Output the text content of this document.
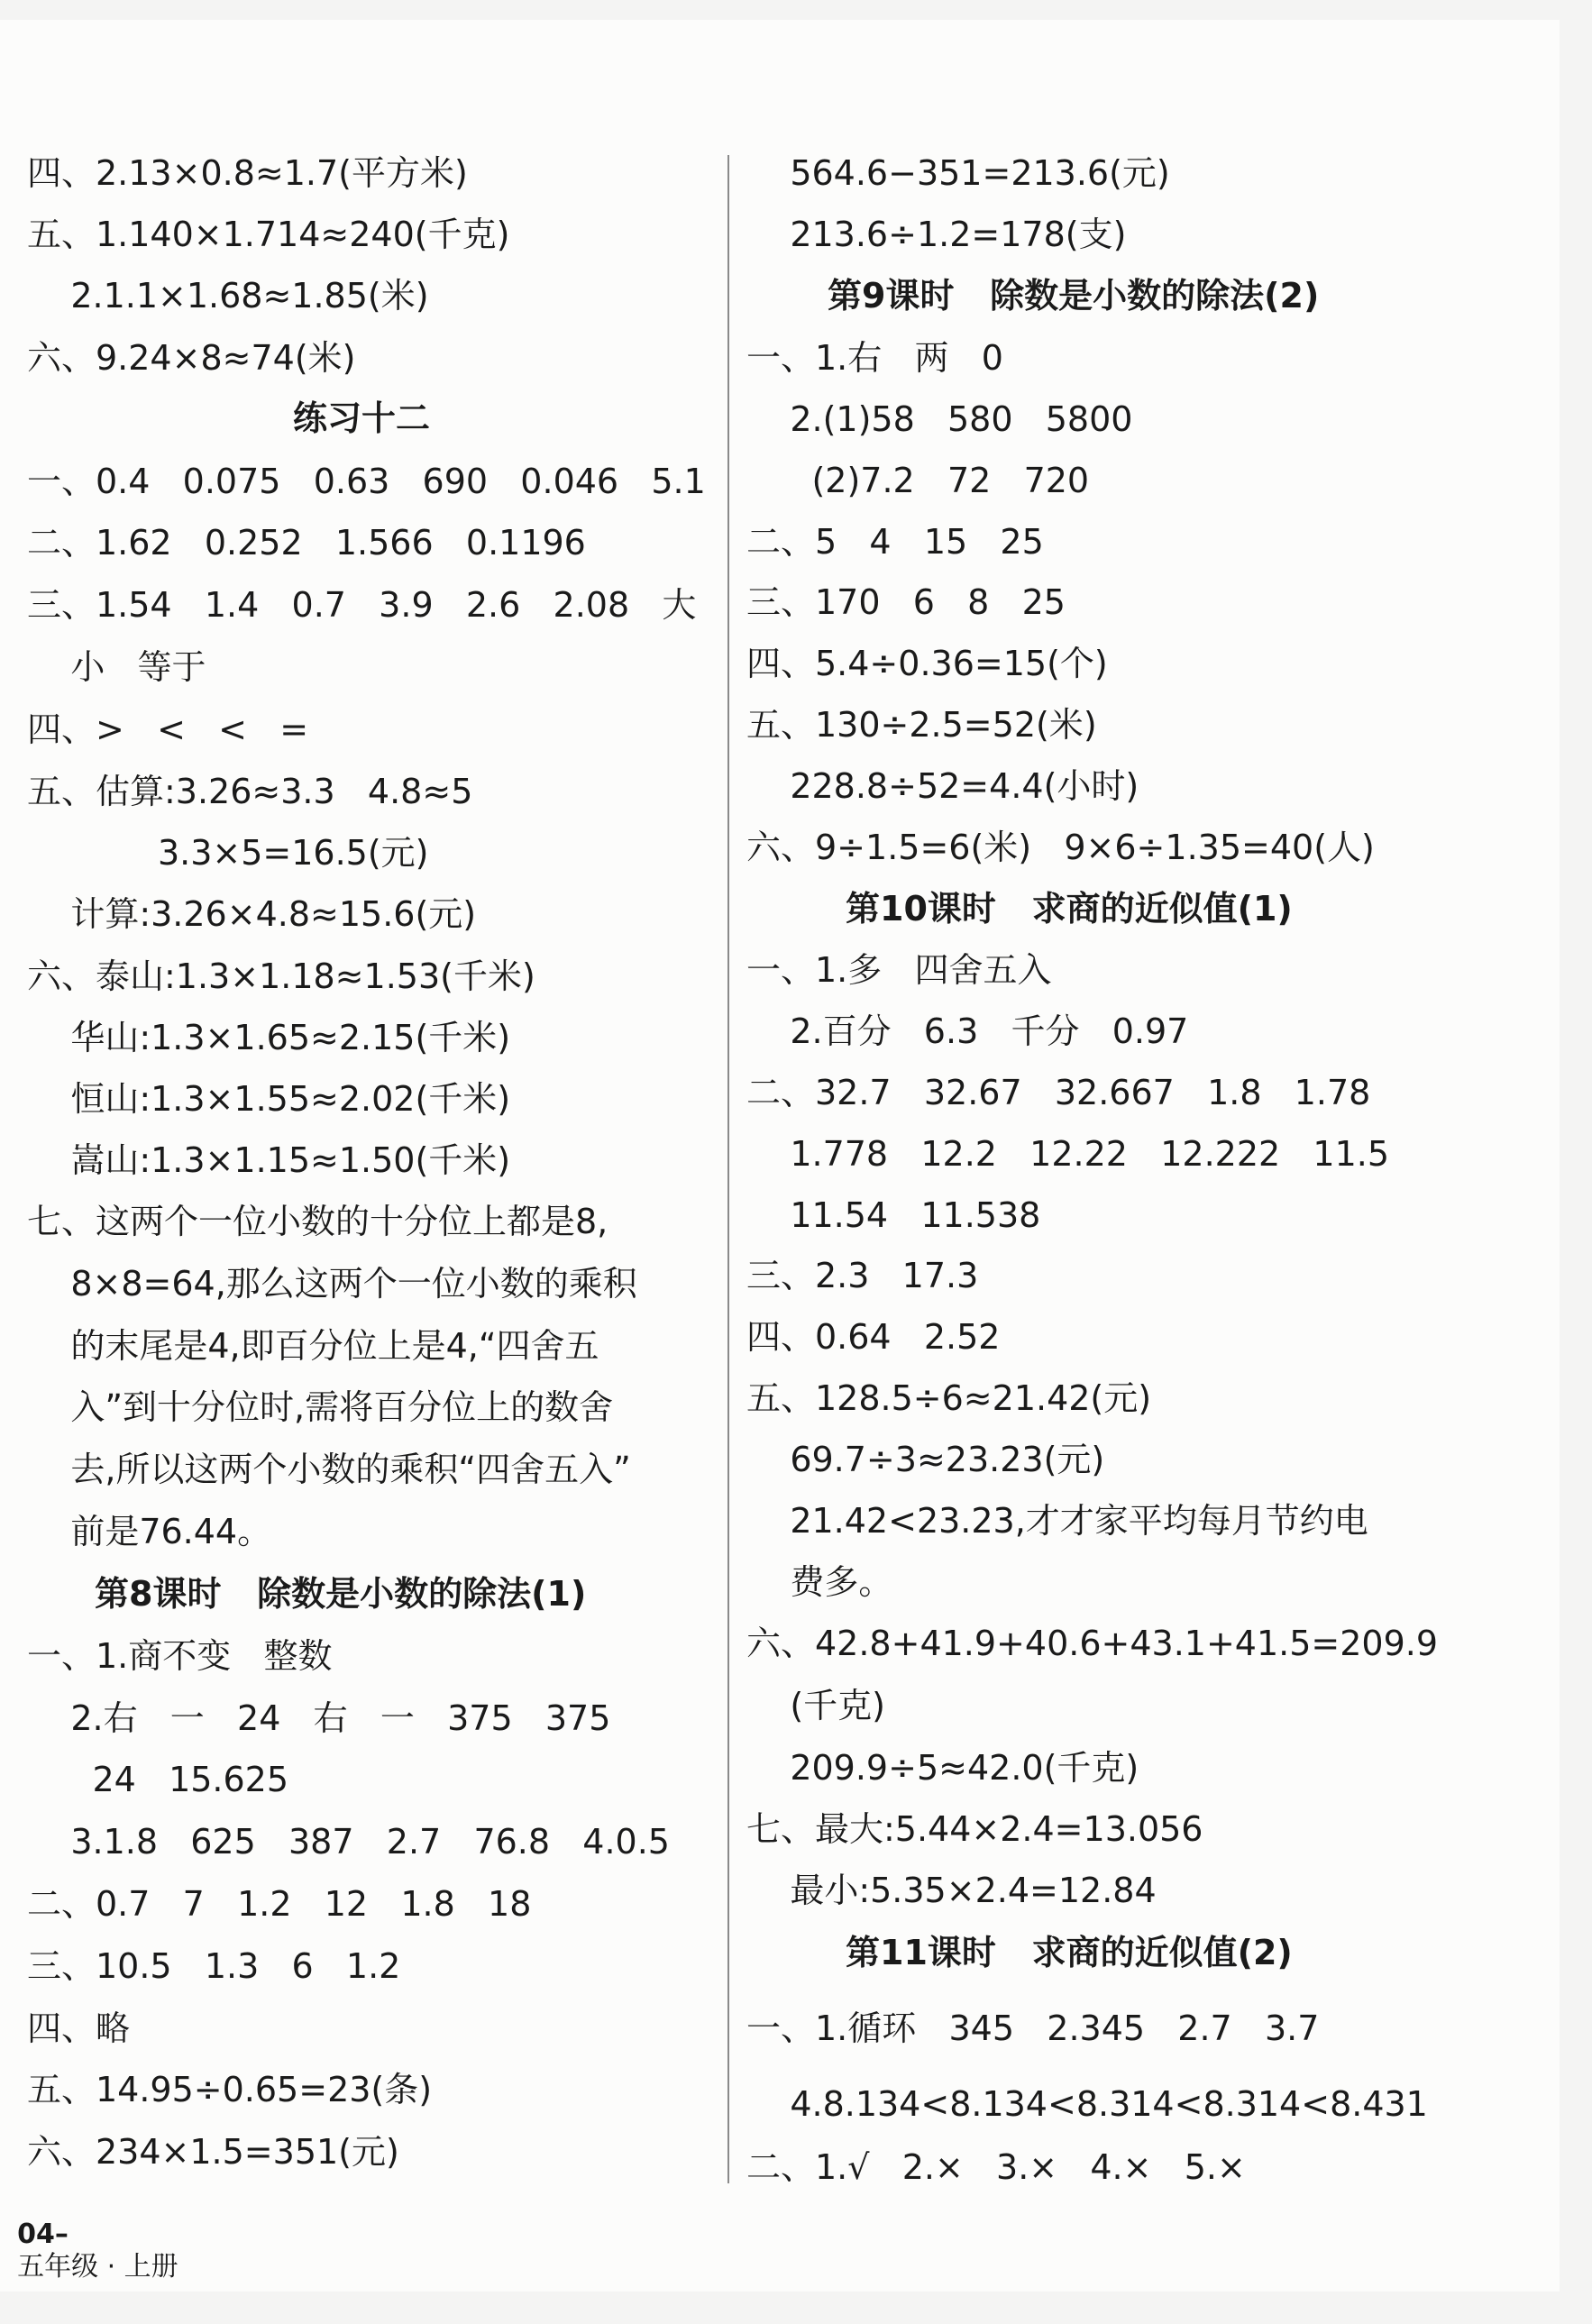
四、2.13×0.8≈1.7(平方米)
五、1.140×1.714≈240(千克)
2.1.1×1.68≈1.85(米)
六、9.24×8≈74(米)
练习十二
一、0.4   0.075   0.63   690   0.046   5.1
二、1.62   0.252   1.566   0.1196
三、1.54   1.4   0.7   3.9   2.6   2.08   大
小   等于
四、>   <   <   =
五、估算:3.26≈3.3   4.8≈5
3.3×5=16.5(元)
计算:3.26×4.8≈15.6(元)
六、泰山:1.3×1.18≈1.53(千米)
华山:1.3×1.65≈2.15(千米)
恒山:1.3×1.55≈2.02(千米)
嵩山:1.3×1.15≈1.50(千米)
七、这两个一位小数的十分位上都是8,
8×8=64,那么这两个一位小数的乘积
的末尾是4,即百分位上是4,“四舍五
入”到十分位时,需将百分位上的数舍
去,所以这两个小数的乘积“四舍五入”
前是76.44。
第8课时   除数是小数的除法(1)
一、1.商不变   整数
2.右   一   24   右   一   375   375
24   15.625
3.1.8   625   387   2.7   76.8   4.0.5
二、0.7   7   1.2   12   1.8   18
三、10.5   1.3   6   1.2
四、略
五、14.95÷0.65=23(条)
六、234×1.5=351(元)
564.6−351=213.6(元)
213.6÷1.2=178(支)
第9课时   除数是小数的除法(2)
一、1.右   两   0
2.(1)58   580   5800
(2)7.2   72   720
二、5   4   15   25
三、170   6   8   25
四、5.4÷0.36=15(个)
五、130÷2.5=52(米)
228.8÷52=4.4(小时)
六、9÷1.5=6(米)   9×6÷1.35=40(人)
第10课时   求商的近似值(1)
一、1.多   四舍五入
2.百分   6.3   千分   0.97
二、32.7   32.67   32.667   1.8   1.78
1.778   12.2   12.22   12.222   11.5
11.54   11.538
三、2.3   17.3
四、0.64   2.52
五、128.5÷6≈21.42(元)
69.7÷3≈23.23(元)
21.42<23.23,才才家平均每月节约电
费多。
六、42.8+41.9+40.6+43.1+41.5=209.9
(千克)
209.9÷5≈42.0(千克)
七、最大:5.44×2.4=13.056
最小:5.35×2.4=12.84
第11课时   求商的近似值(2)
一、1.循环   345   2.345   2.7   3.7
4.8.134<8.134<8.314<8.314<8.431
二、1.√   2.×   3.×   4.×   5.×

04–
五年级 · 上册
